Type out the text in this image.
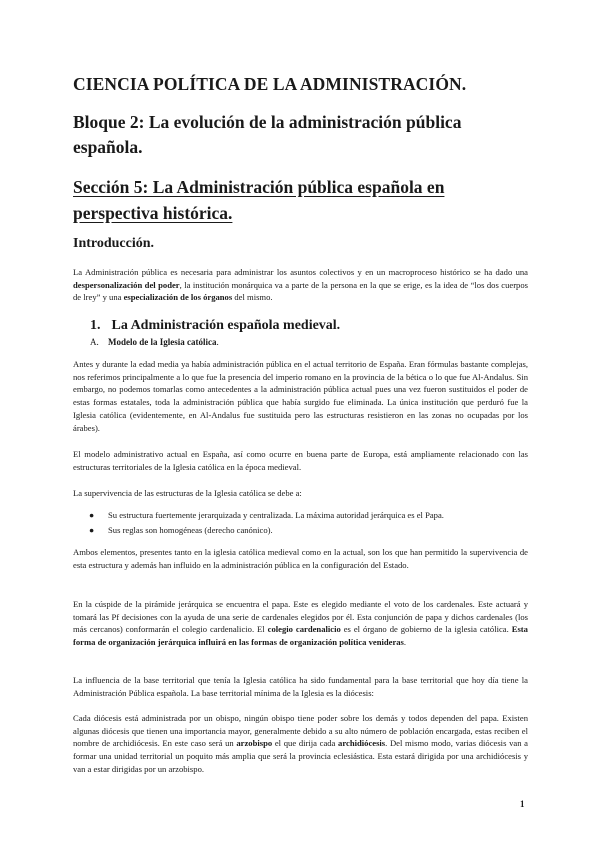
CIENCIA POLÍTICA DE LA ADMINISTRACIÓN.
Bloque 2: La evolución de la administración pública española.
Sección 5: La Administración pública española en perspectiva histórica.
Introducción.
La Administración pública es necesaria para administrar los asuntos colectivos y en un macroproceso histórico se ha dado una despersonalización del poder, la institución monárquica va a parte de la persona en la que se erige, es la idea de “los dos cuerpos de lrey” y una especialización de los órganos del mismo.
1. La Administración española medieval.
A. Modelo de la Iglesia católica.
Antes y durante la edad media ya había administración pública en el actual territorio de España. Eran fórmulas bastante complejas, nos referimos principalmente a lo que fue la presencia del imperio romano en la provincia de la bética o lo que fue Al-Andalus. Sin embargo, no podemos tomarlas como antecedentes a la administración pública actual pues una vez fueron sustituidos el poder de estas formas estatales, toda la administración pública que había surgido fue eliminada. La única institución que perduró fue la Iglesia católica (evidentemente, en Al-Andalus fue sustituida pero las estructuras resistieron en las zonas no ocupadas por los árabes).
El modelo administrativo actual en España, así como ocurre en buena parte de Europa, está ampliamente relacionado con las estructuras territoriales de la Iglesia católica en la época medieval.
La supervivencia de las estructuras de la Iglesia católica se debe a:
● Su estructura fuertemente jerarquizada y centralizada. La máxima autoridad jerárquica es el Papa.
● Sus reglas son homogéneas (derecho canónico).
Ambos elementos, presentes tanto en la iglesia católica medieval como en la actual, son los que han permitido la supervivencia de esta estructura y además han influido en la administración pública en la configuración del Estado.
En la cúspide de la pirámide jerárquica se encuentra el papa. Este es elegido mediante el voto de los cardenales. Este actuará y tomará las Pf decisiones con la ayuda de una serie de cardenales elegidos por él. Esta conjunción de papa y dichos cardenales (los más cercanos) conformarán el colegio cardenalicio. El colegio cardenalicio es el órgano de gobierno de la iglesia católica. Esta forma de organización jerárquica influirá en las formas de organización política venideras.
La influencia de la base territorial que tenía la Iglesia católica ha sido fundamental para la base territorial que hoy día tiene la Administración Pública española. La base territorial mínima de la Iglesia es la diócesis:
Cada diócesis está administrada por un obispo, ningún obispo tiene poder sobre los demás y todos dependen del papa. Existen algunas diócesis que tienen una importancia mayor, generalmente debido a su alto número de población encargada, estas reciben el nombre de archidiócesis. En este caso será un arzobispo el que dirija cada archidiócesis. Del mismo modo, varias diócesis van a formar una unidad territorial un poquito más amplia que será la provincia eclesiástica. Esta estará dirigida por una archidiócesis y van a estar dirigidas por un arzobispo.
1
